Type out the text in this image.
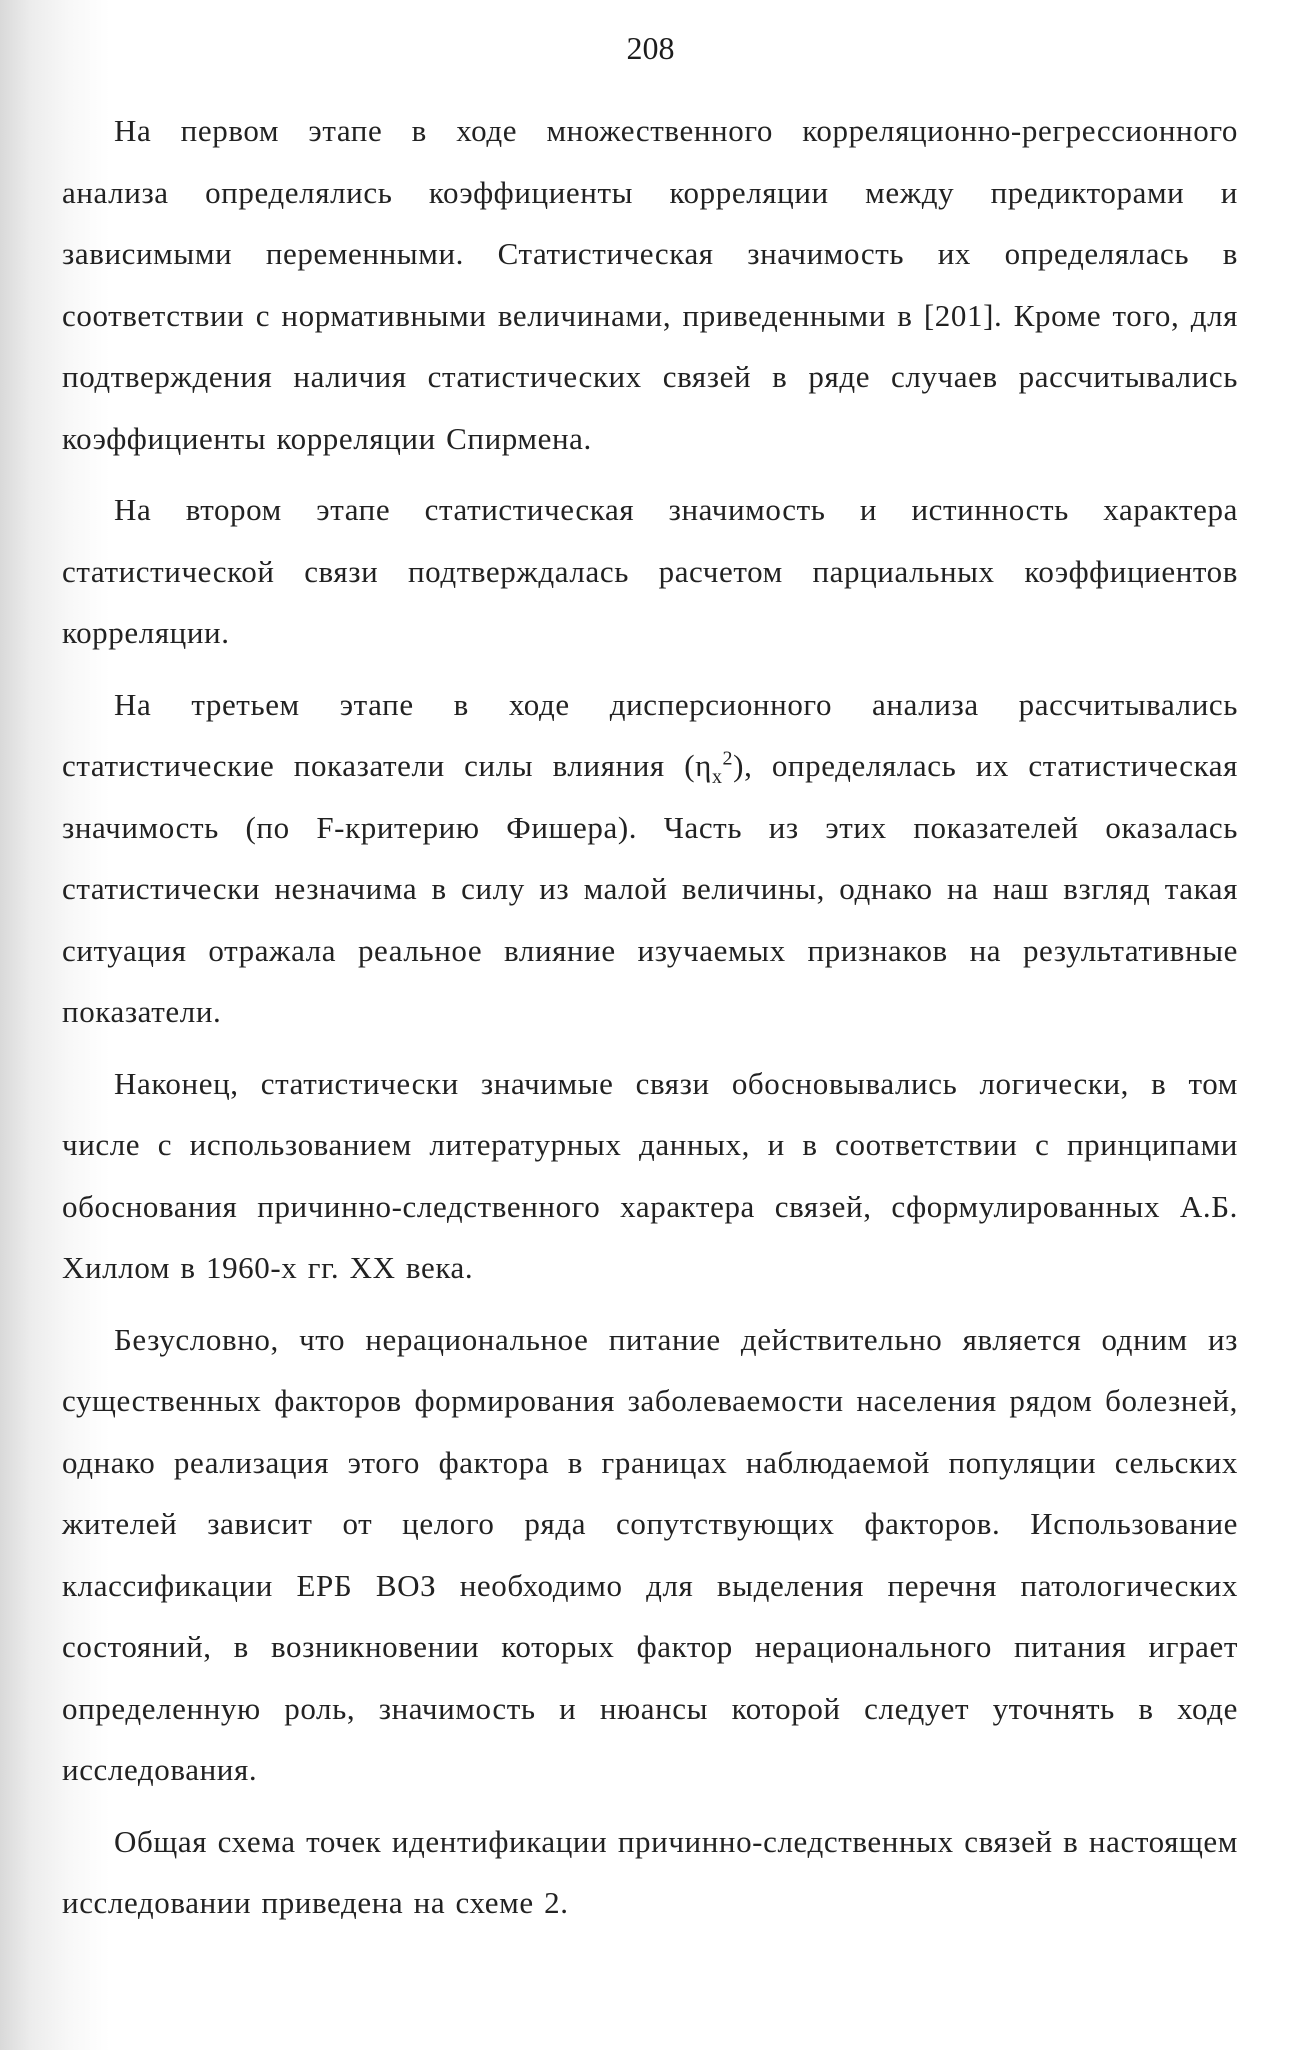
208

На первом этапе в ходе множественного корреляционно-регрессионного анализа определялись коэффициенты корреляции между предикторами и зависимыми переменными. Статистическая значимость их определялась в соответствии с нормативными величинами, приведенными в [201]. Кроме того, для подтверждения наличия статистических связей в ряде случаев рассчитывались коэффициенты корреляции Спирмена.

На втором этапе статистическая значимость и истинность характера статистической связи подтверждалась расчетом парциальных коэффициентов корреляции.

На третьем этапе в ходе дисперсионного анализа рассчитывались статистические показатели силы влияния $(\eta_x^2)$, определялась их статистическая значимость (по F-критерию Фишера). Часть из этих показателей оказалась статистически незначима в силу из малой величины, однако на наш взгляд такая ситуация отражала реальное влияние изучаемых признаков на результативные показатели.

Наконец, статистически значимые связи обосновывались логически, в том числе с использованием литературных данных, и в соответствии с принципами обоснования причинно-следственного характера связей, сформулированных А.Б. Хиллом в 1960-х гг. XX века.

Безусловно, что нерациональное питание действительно является одним из существенных факторов формирования заболеваемости населения рядом болезней, однако реализация этого фактора в границах наблюдаемой популяции сельских жителей зависит от целого ряда сопутствующих факторов. Использование классификации ЕРБ ВОЗ необходимо для выделения перечня патологических состояний, в возникновении которых фактор нерационального питания играет определенную роль, значимость и нюансы которой следует уточнять в ходе исследования.

Общая схема точек идентификации причинно-следственных связей в настоящем исследовании приведена на схеме 2.
